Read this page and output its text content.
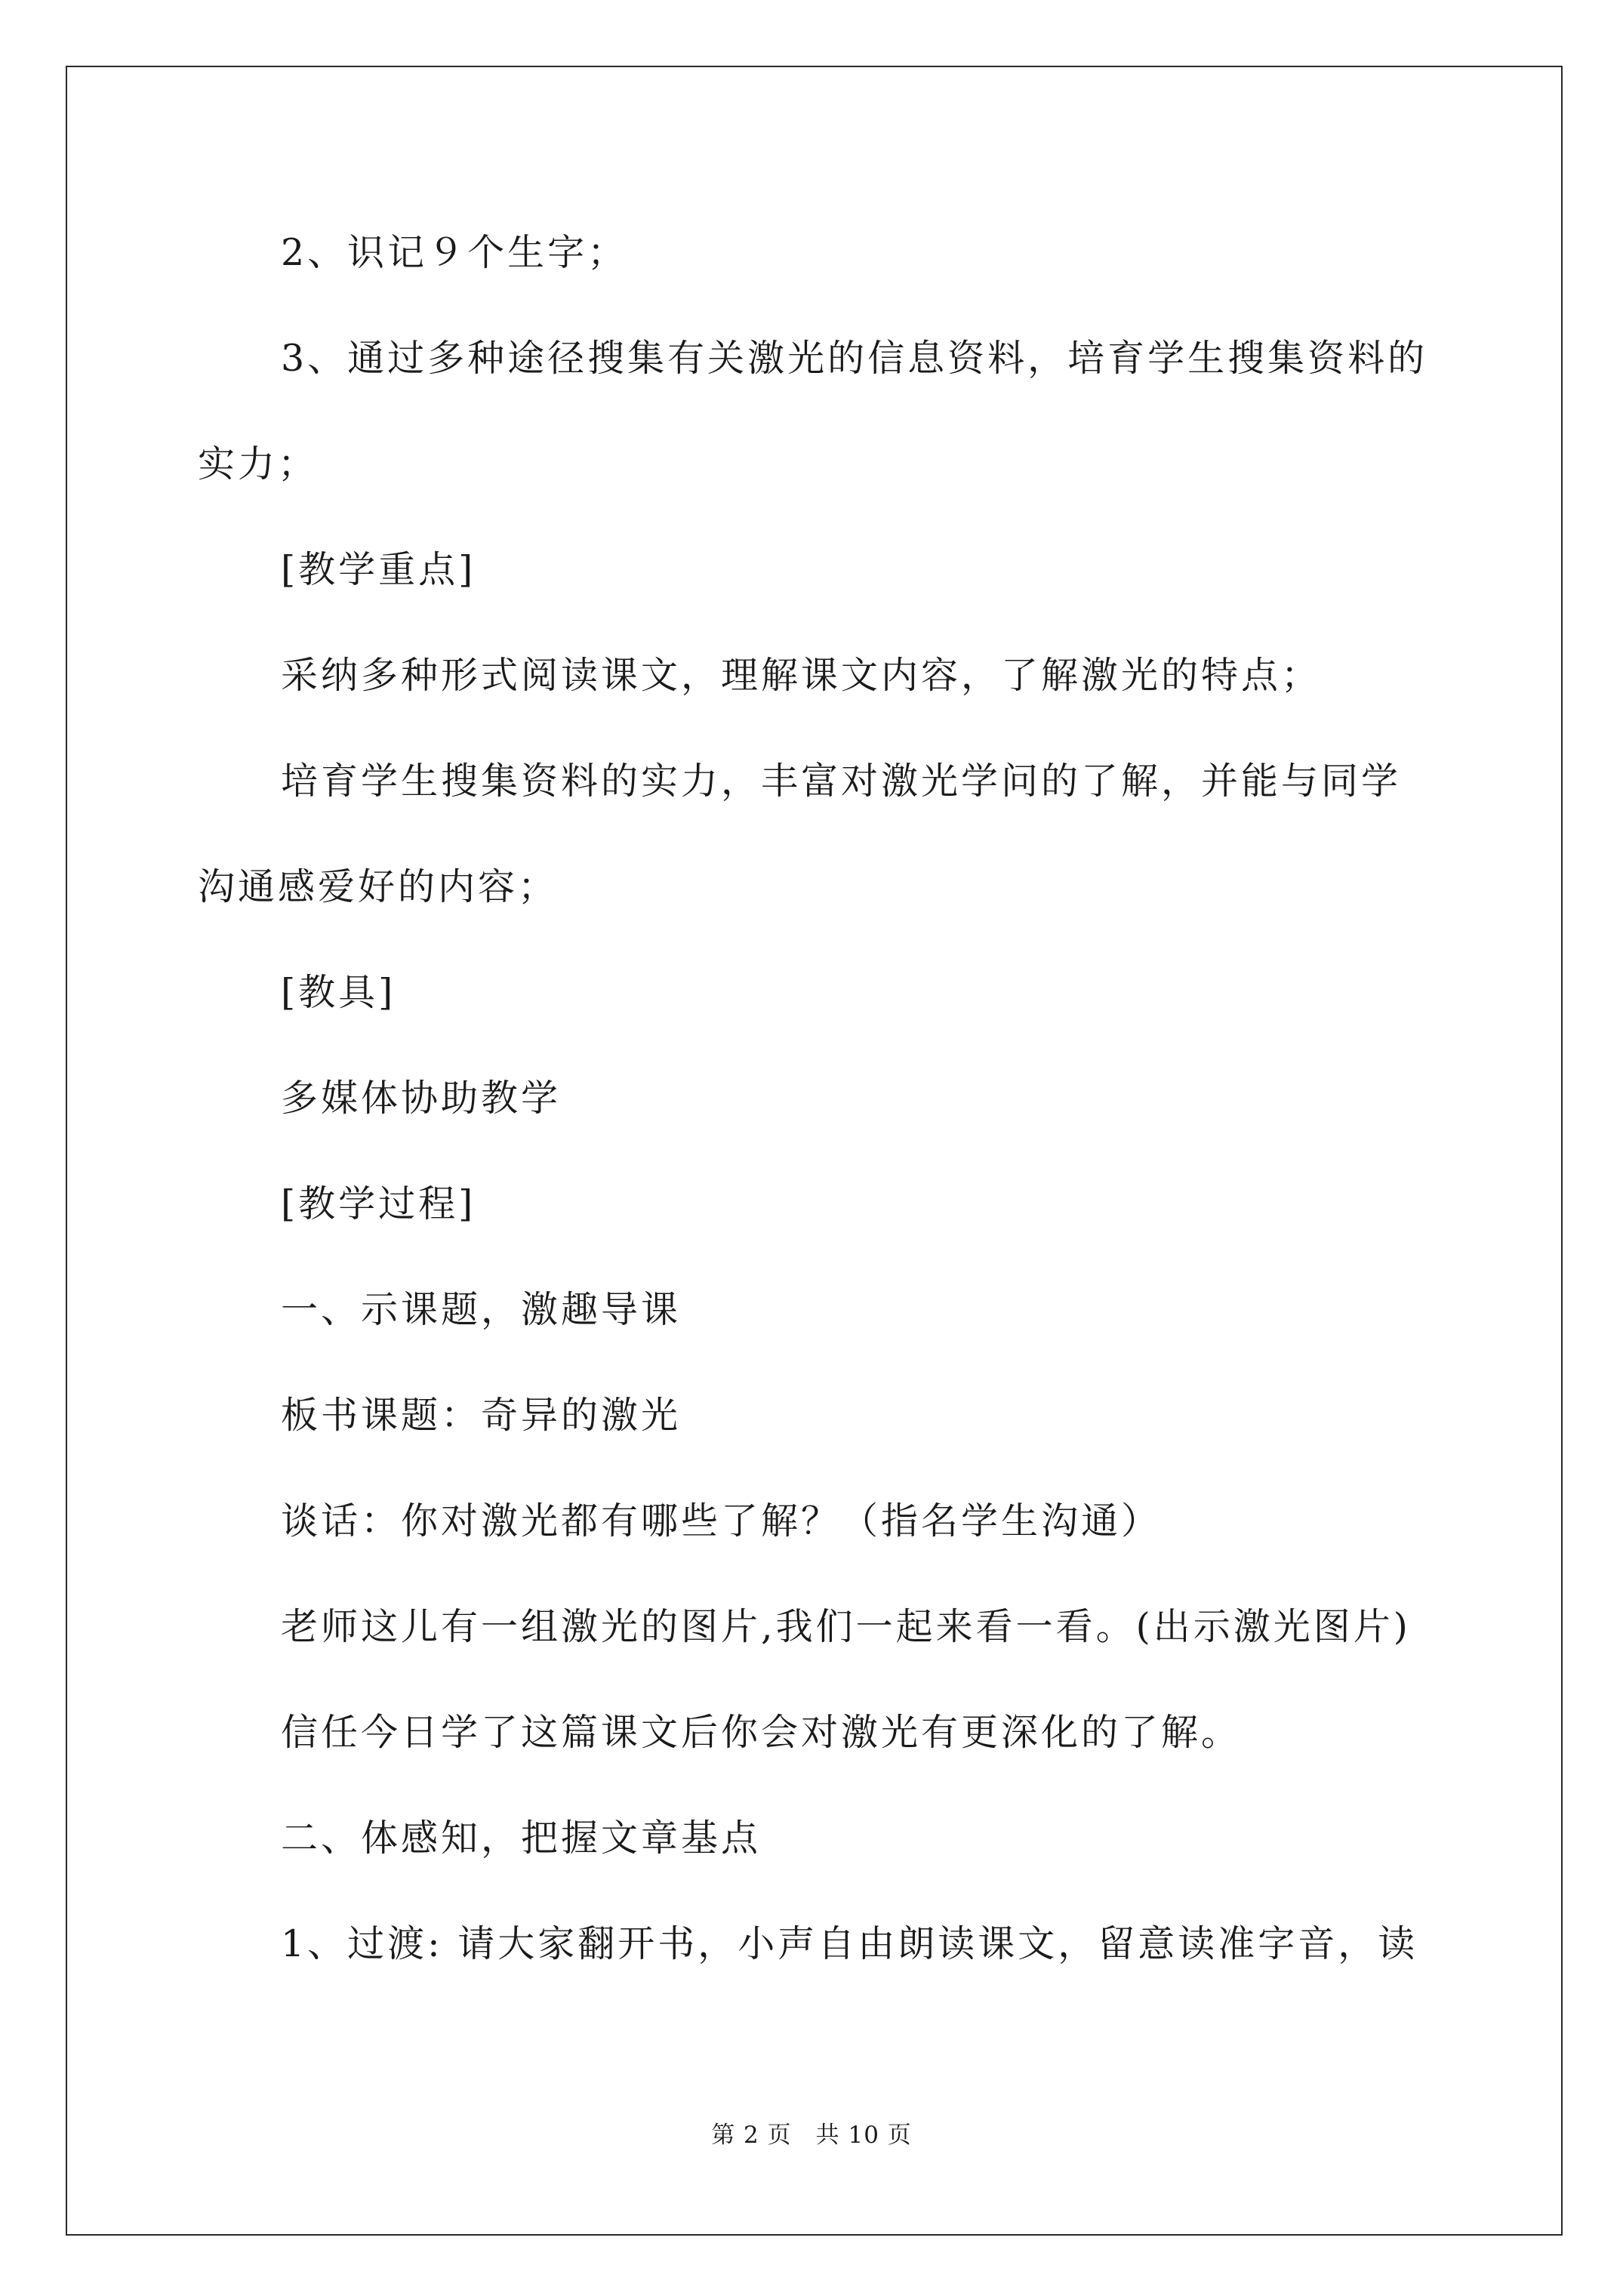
2、识记９个生字；
3、通过多种途径搜集有关激光的信息资料，培育学生搜集资料的
实力；
[教学重点]
采纳多种形式阅读课文，理解课文内容，了解激光的特点；
培育学生搜集资料的实力，丰富对激光学问的了解，并能与同学
沟通感爱好的内容；
[教具]
多媒体协助教学
[教学过程]
一、示课题，激趣导课
板书课题：奇异的激光
谈话：你对激光都有哪些了解？（指名学生沟通）
老师这儿有一组激光的图片,我们一起来看一看。(出示激光图片)
信任今日学了这篇课文后你会对激光有更深化的了解。
二、体感知，把握文章基点
1、过渡: 请大家翻开书，小声自由朗读课文，留意读准字音，读
第 2 页　共 10 页
